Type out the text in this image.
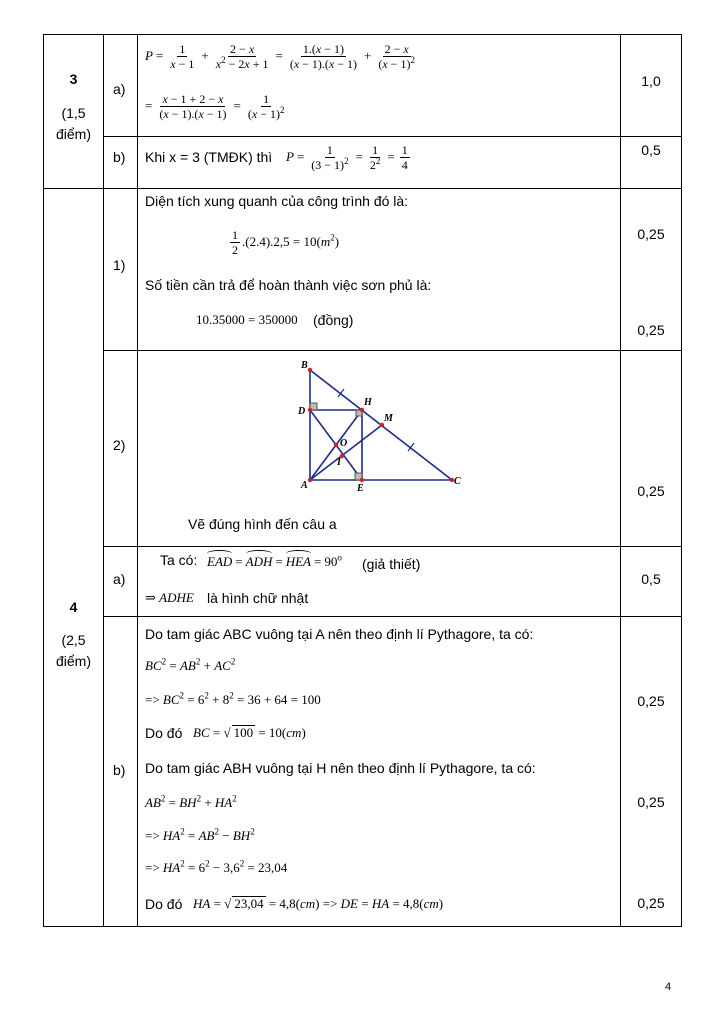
3
(1,5
điểm)
a)
$P = \frac{1}{x - 1} + \frac{2 - x}{x^2 - 2x + 1} = \frac{1.(x - 1)}{(x - 1).(x - 1)} + \frac{2 - x}{(x - 1)^2}$
= $\frac{x - 1 + 2 - x}{(x - 1).(x - 1)} = \frac{1}{(x - 1)^2}$
1,0
b) Khi x = 3 (TMĐK) thì $P = \frac{1}{(3 - 1)^2} = \frac{1}{2^2} = \frac{1}{4}$	0,5
4
(2,5
điểm)
1)
Diện tích xung quanh của công trình đó là:
$\frac{1}{2} .(2.4).2,5 = 10(m^2)$
Số tiền cần trả để hoàn thành việc sơn phủ là:
10.35000 = 350000 (đồng)
0,25
0,25
2)
B
H
D
M
O
I
A	E
C
Vẽ đúng hình đến câu a
0,25
a)
Ta có: EAD = ADH = HEA = $90^o$ (giả thiết)
⇒ ADHE là hình chữ nhật
0,5
b)
Do tam giác ABC vuông tại A nên theo định lí Pythagore, ta có:
$BC^2 = AB^2 + AC^2$
=> $BC^2 = 6^2 + 8^2 = 36 + 64 = 100$
Do đó BC = √ 100 = 10(cm)
Do tam giác ABH vuông tại H nên theo định lí Pythagore, ta có:
$AB^2 = BH^2 + HA^2$
=> $HA^2 = AB^2 - BH^2$
=> $HA^2 = 6^2 - 3,6^2 = 23,04$
Do đó HA = √ 23,04 = 4,8(cm) => DE = HA = 4,8(cm)
0,25
0,25
0,25
4
